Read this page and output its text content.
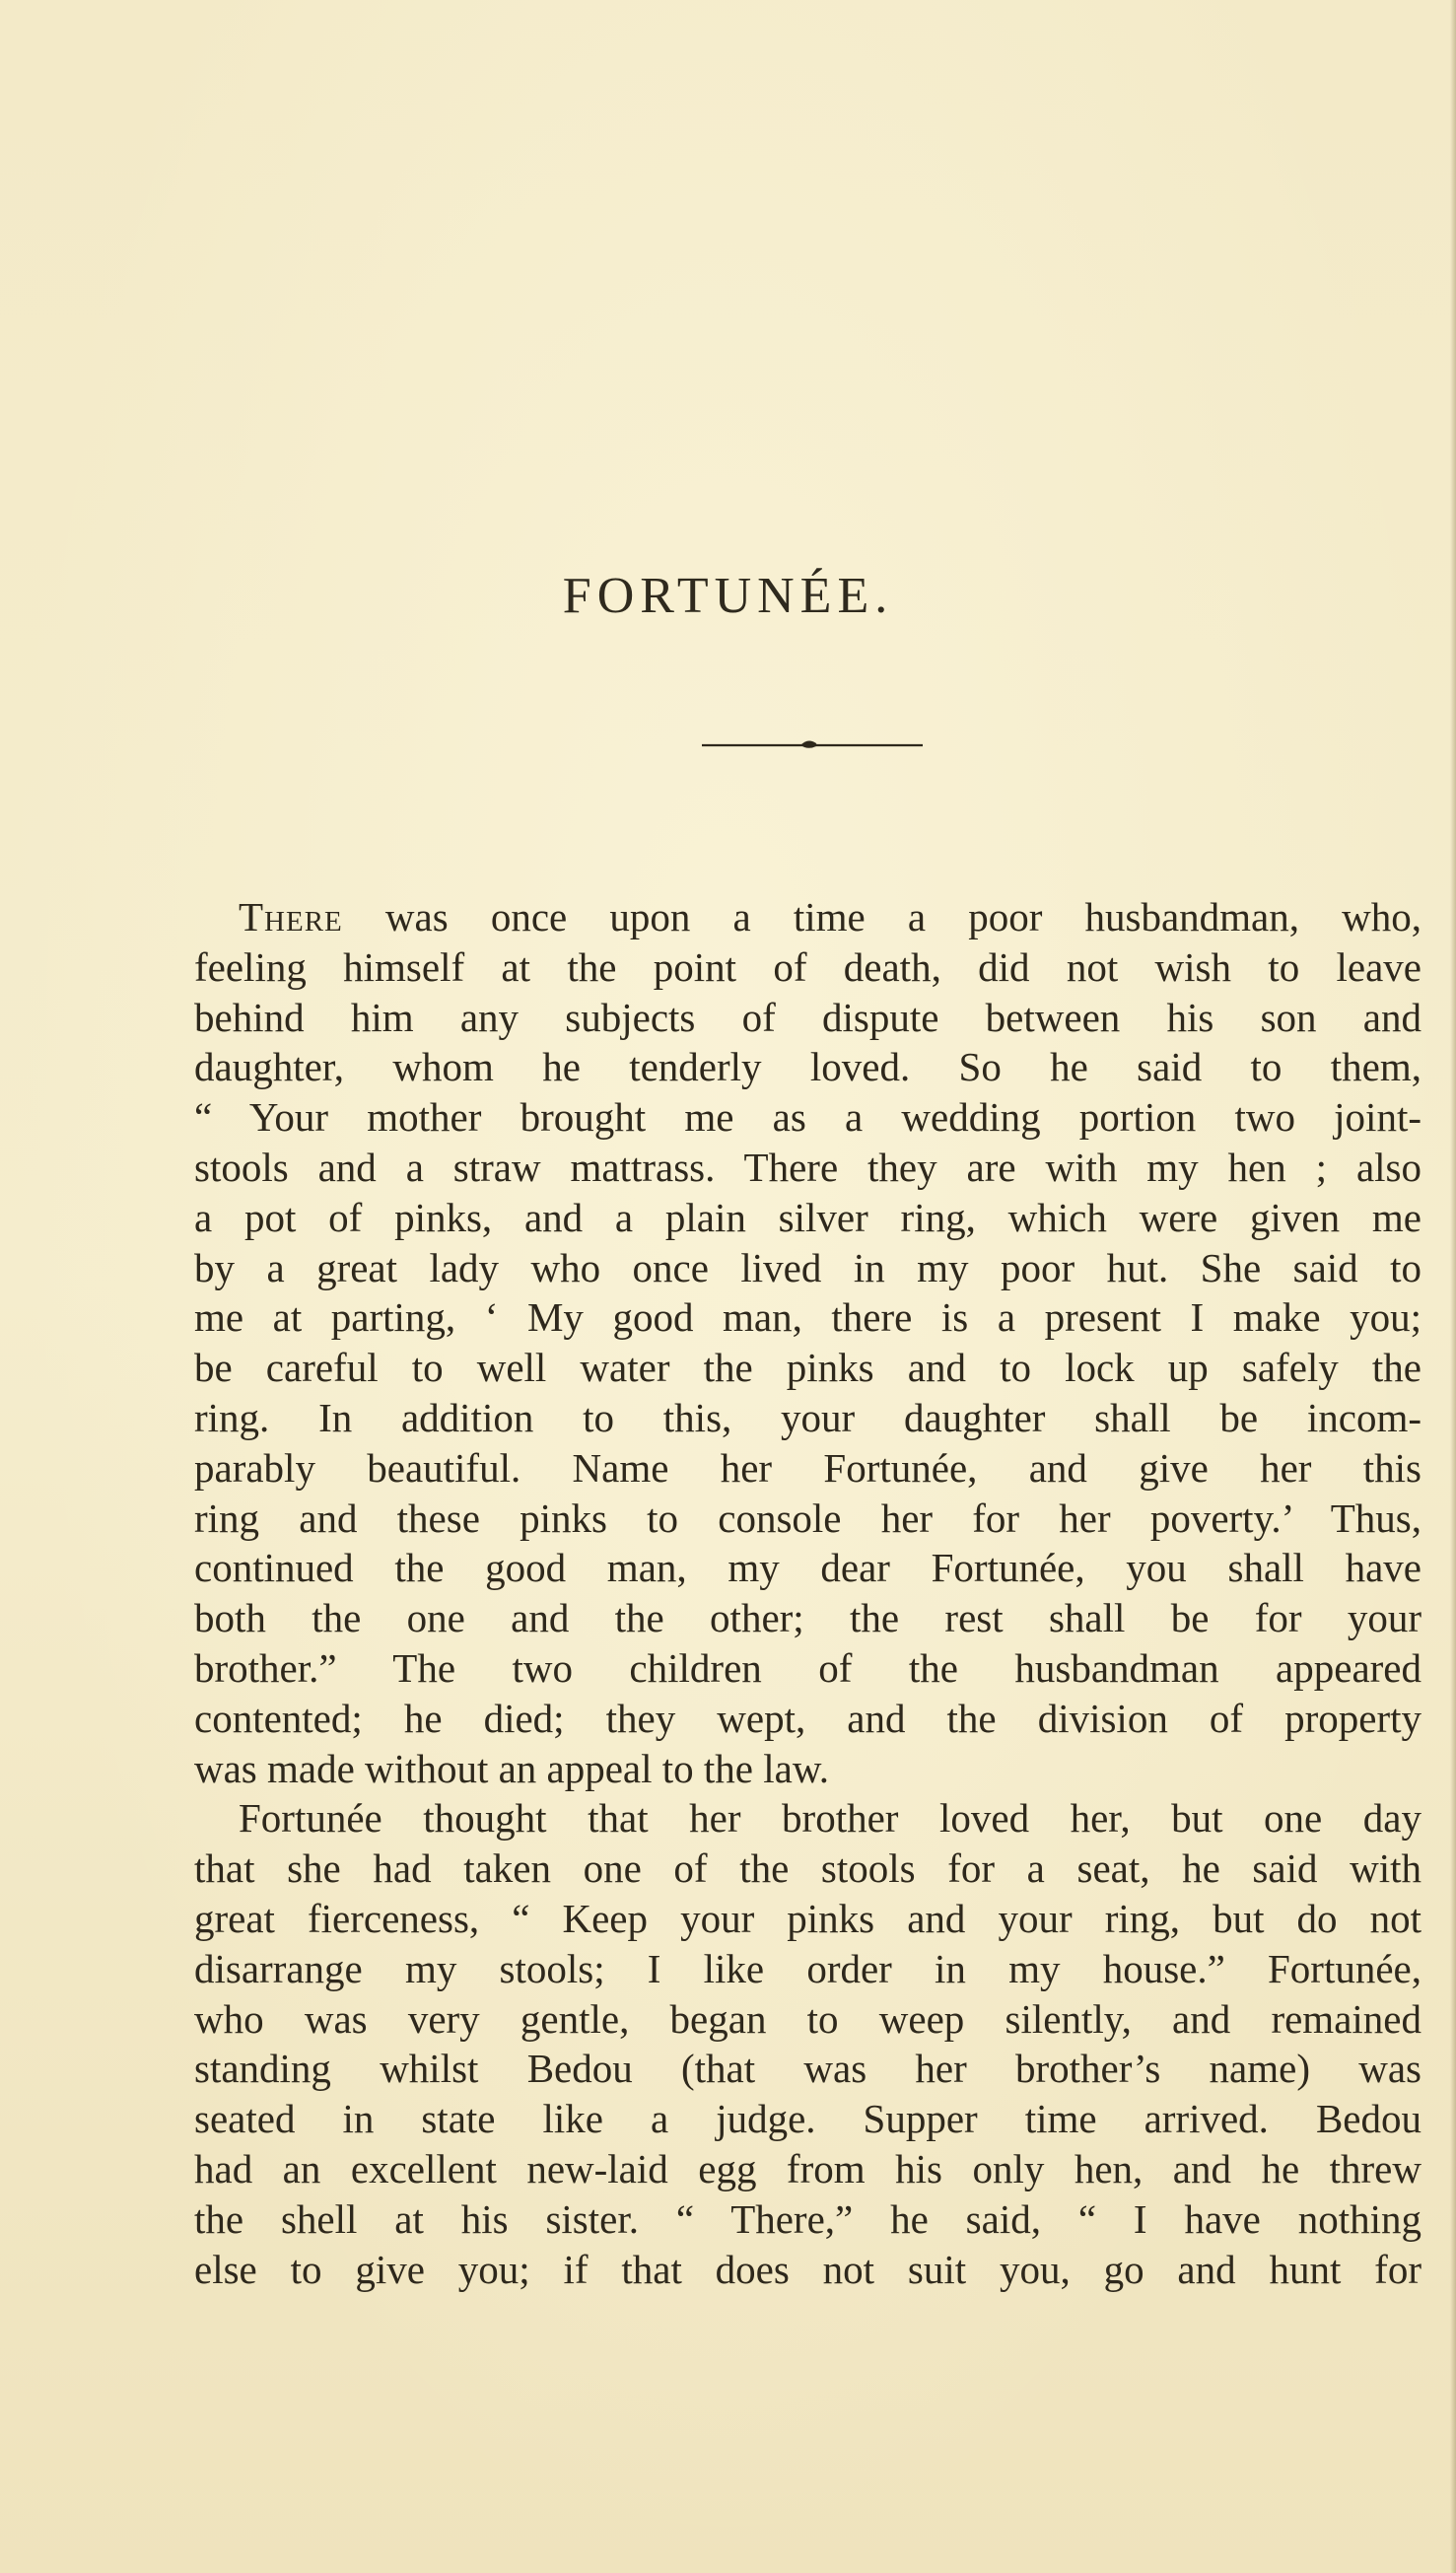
FORTUNÉE.
There was once upon a time a poor husbandman, who,
feeling himself at the point of death, did not wish to leave
behind him any subjects of dispute between his son and
daughter, whom he tenderly loved. So he said to them,
“ Your mother brought me as a wedding portion two joint-
stools and a straw mattrass. There they are with my hen ; also
a pot of pinks, and a plain silver ring, which were given me
by a great lady who once lived in my poor hut. She said to
me at parting, ‘ My good man, there is a present I make you;
be careful to well water the pinks and to lock up safely the
ring. In addition to this, your daughter shall be incom-
parably beautiful. Name her Fortunée, and give her this
ring and these pinks to console her for her poverty.’ Thus,
continued the good man, my dear Fortunée, you shall have
both the one and the other; the rest shall be for your
brother.” The two children of the husbandman appeared
contented; he died; they wept, and the division of property
was made without an appeal to the law.
Fortunée thought that her brother loved her, but one day
that she had taken one of the stools for a seat, he said with
great fierceness, “ Keep your pinks and your ring, but do not
disarrange my stools; I like order in my house.” Fortunée,
who was very gentle, began to weep silently, and remained
standing whilst Bedou (that was her brother’s name) was
seated in state like a judge. Supper time arrived. Bedou
had an excellent new-laid egg from his only hen, and he threw
the shell at his sister. “ There,” he said, “ I have nothing
else to give you; if that does not suit you, go and hunt for
